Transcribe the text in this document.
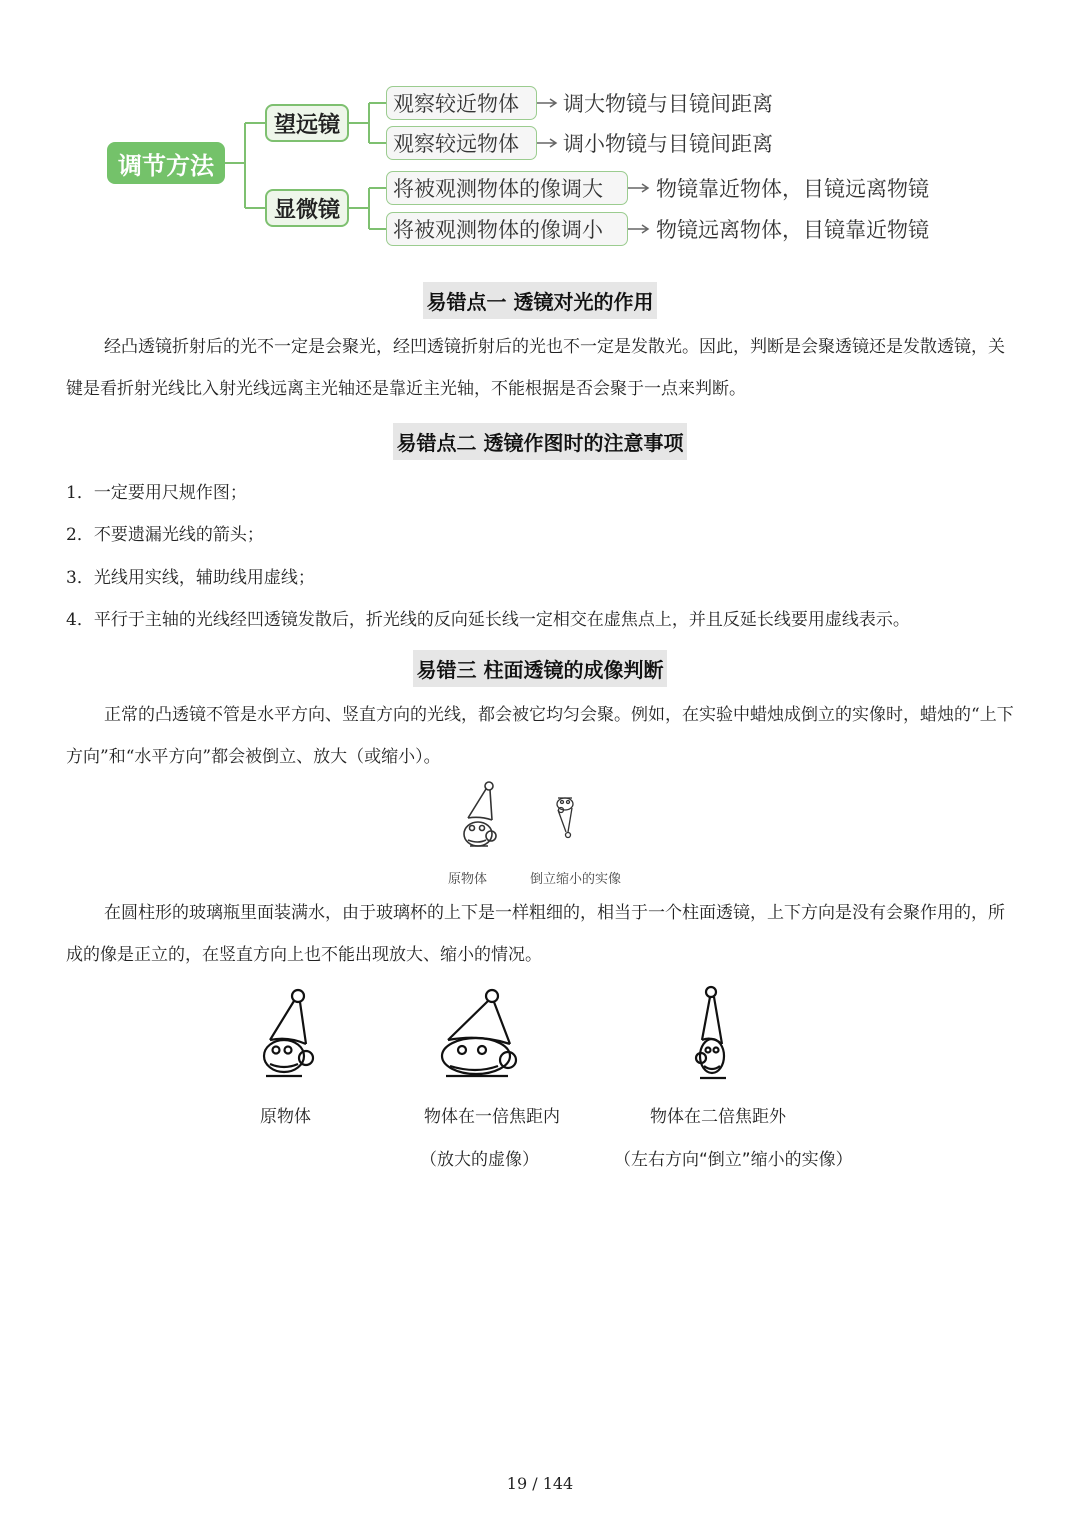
调节方法
望远镜
显微镜
观察较近物体
观察较远物体
将被观测物体的像调大
将被观测物体的像调小
调大物镜与目镜间距离
调小物镜与目镜间距离
物镜靠近物体，目镜远离物镜
物镜远离物体，目镜靠近物镜
易错点一 透镜对光的作用
经凸透镜折射后的光不一定是会聚光，经凹透镜折射后的光也不一定是发散光。因此，判断是会聚透镜还是发散透镜，关键是看折射光线比入射光线远离主光轴还是靠近主光轴，不能根据是否会聚于一点来判断。
易错点二 透镜作图时的注意事项
1．一定要用尺规作图；
2．不要遗漏光线的箭头；
3．光线用实线，辅助线用虚线；
4．平行于主轴的光线经凹透镜发散后，折光线的反向延长线一定相交在虚焦点上，并且反延长线要用虚线表示。
易错三 柱面透镜的成像判断
正常的凸透镜不管是水平方向、竖直方向的光线，都会被它均匀会聚。例如，在实验中蜡烛成倒立的实像时，蜡烛的“上下方向”和“水平方向”都会被倒立、放大（或缩小）。
原物体	倒立缩小的实像
在圆柱形的玻璃瓶里面装满水，由于玻璃杯的上下是一样粗细的，相当于一个柱面透镜，上下方向是没有会聚作用的，所成的像是正立的，在竖直方向上也不能出现放大、缩小的情况。
原物体	物体在一倍焦距内
（放大的虚像）
物体在二倍焦距外
（左右方向“倒立”缩小的实像）
19 / 144
